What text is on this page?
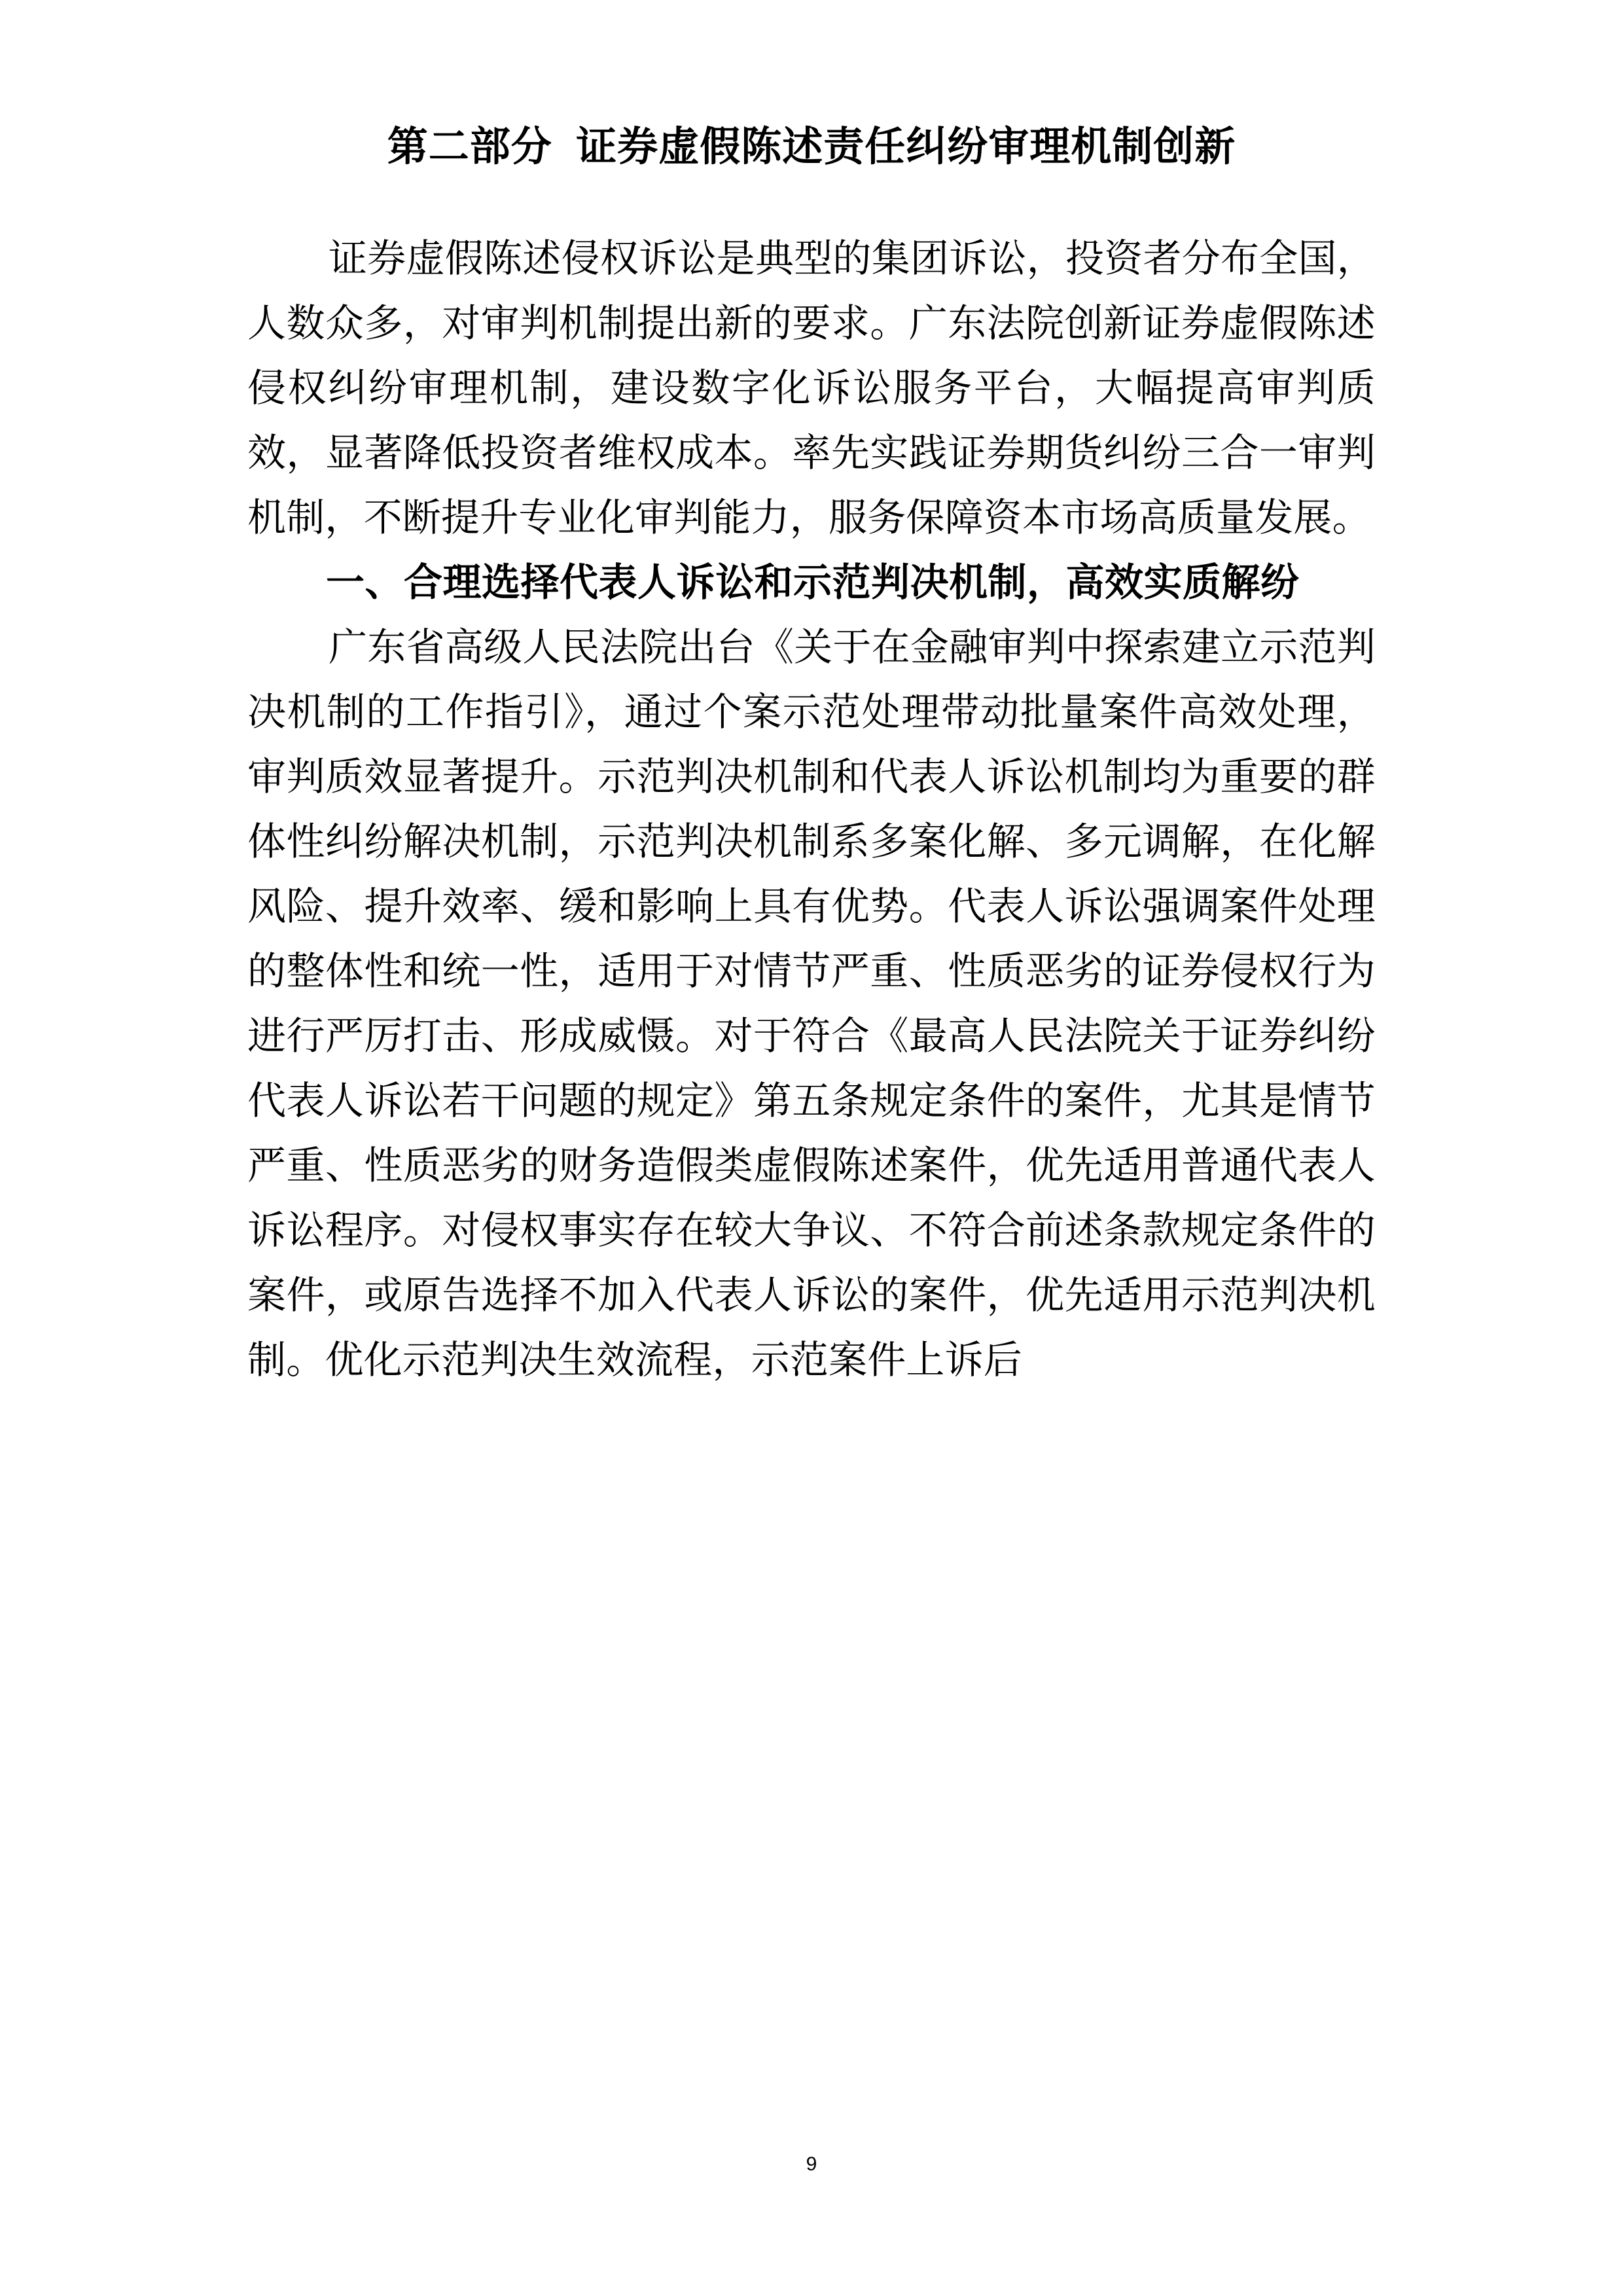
第二部分  证券虚假陈述责任纠纷审理机制创新

证券虚假陈述侵权诉讼是典型的集团诉讼，投资者分布全国，人数众多，对审判机制提出新的要求。广东法院创新证券虚假陈述侵权纠纷审理机制，建设数字化诉讼服务平台，大幅提高审判质效，显著降低投资者维权成本。率先实践证券期货纠纷三合一审判机制，不断提升专业化审判能力，服务保障资本市场高质量发展。

一、合理选择代表人诉讼和示范判决机制，高效实质解纷

广东省高级人民法院出台《关于在金融审判中探索建立示范判决机制的工作指引》，通过个案示范处理带动批量案件高效处理，审判质效显著提升。示范判决机制和代表人诉讼机制均为重要的群体性纠纷解决机制，示范判决机制系多案化解、多元调解，在化解风险、提升效率、缓和影响上具有优势。代表人诉讼强调案件处理的整体性和统一性，适用于对情节严重、性质恶劣的证券侵权行为进行严厉打击、形成威慑。对于符合《最高人民法院关于证券纠纷代表人诉讼若干问题的规定》第五条规定条件的案件，尤其是情节严重、性质恶劣的财务造假类虚假陈述案件，优先适用普通代表人诉讼程序。对侵权事实存在较大争议、不符合前述条款规定条件的案件，或原告选择不加入代表人诉讼的案件，优先适用示范判决机制。优化示范判决生效流程，示范案件上诉后

9
